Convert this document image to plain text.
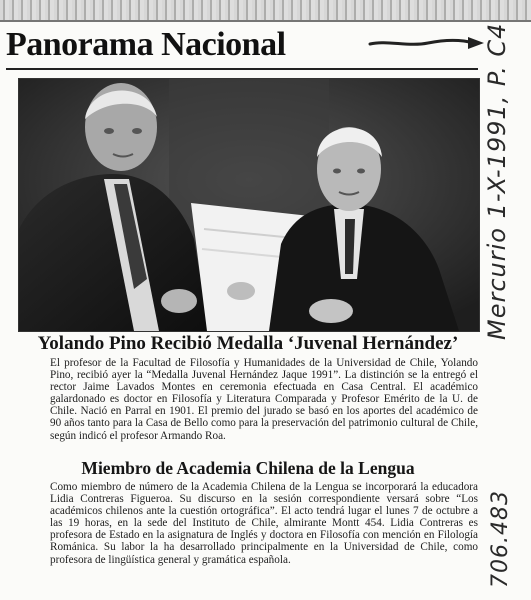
Panorama Nacional
Yolando Pino Recibió Medalla ‘Juvenal Hernández’

El profesor de la Facultad de Filosofía y Humanidades de la Universidad de Chile, Yolando Pino, recibió ayer la “Medalla Juvenal Hernández Jaque 1991”. La distinción se la entregó el rector Jaime Lavados Montes en ceremonia efectuada en Casa Central. El académico galardonado es doctor en Filosofía y Literatura Comparada y Profesor Emérito de la U. de Chile. Nació en Parral en 1901. El premio del jurado se basó en los aportes del académico de 90 años tanto para la Casa de Bello como para la preservación del patrimonio cultural de Chile, según indicó el profesor Armando Roa.

Miembro de Academia Chilena de la Lengua

Como miembro de número de la Academia Chilena de la Lengua se incorporará la educadora Lidia Contreras Figueroa. Su discurso en la sesión correspondiente versará sobre “Los académicos chilenos ante la cuestión ortográfica”. El acto tendrá lugar el lunes 7 de octubre a las 19 horas, en la sede del Instituto de Chile, almirante Montt 454. Lidia Contreras es profesora de Estado en la asignatura de Inglés y doctora en Filosofía con mención en Filología Románica. Su labor la ha desarrollado principalmente en la Universidad de Chile, como profesora de lingüística general y gramática española.

Mercurio 1-X-1991, P. C4
706.483
